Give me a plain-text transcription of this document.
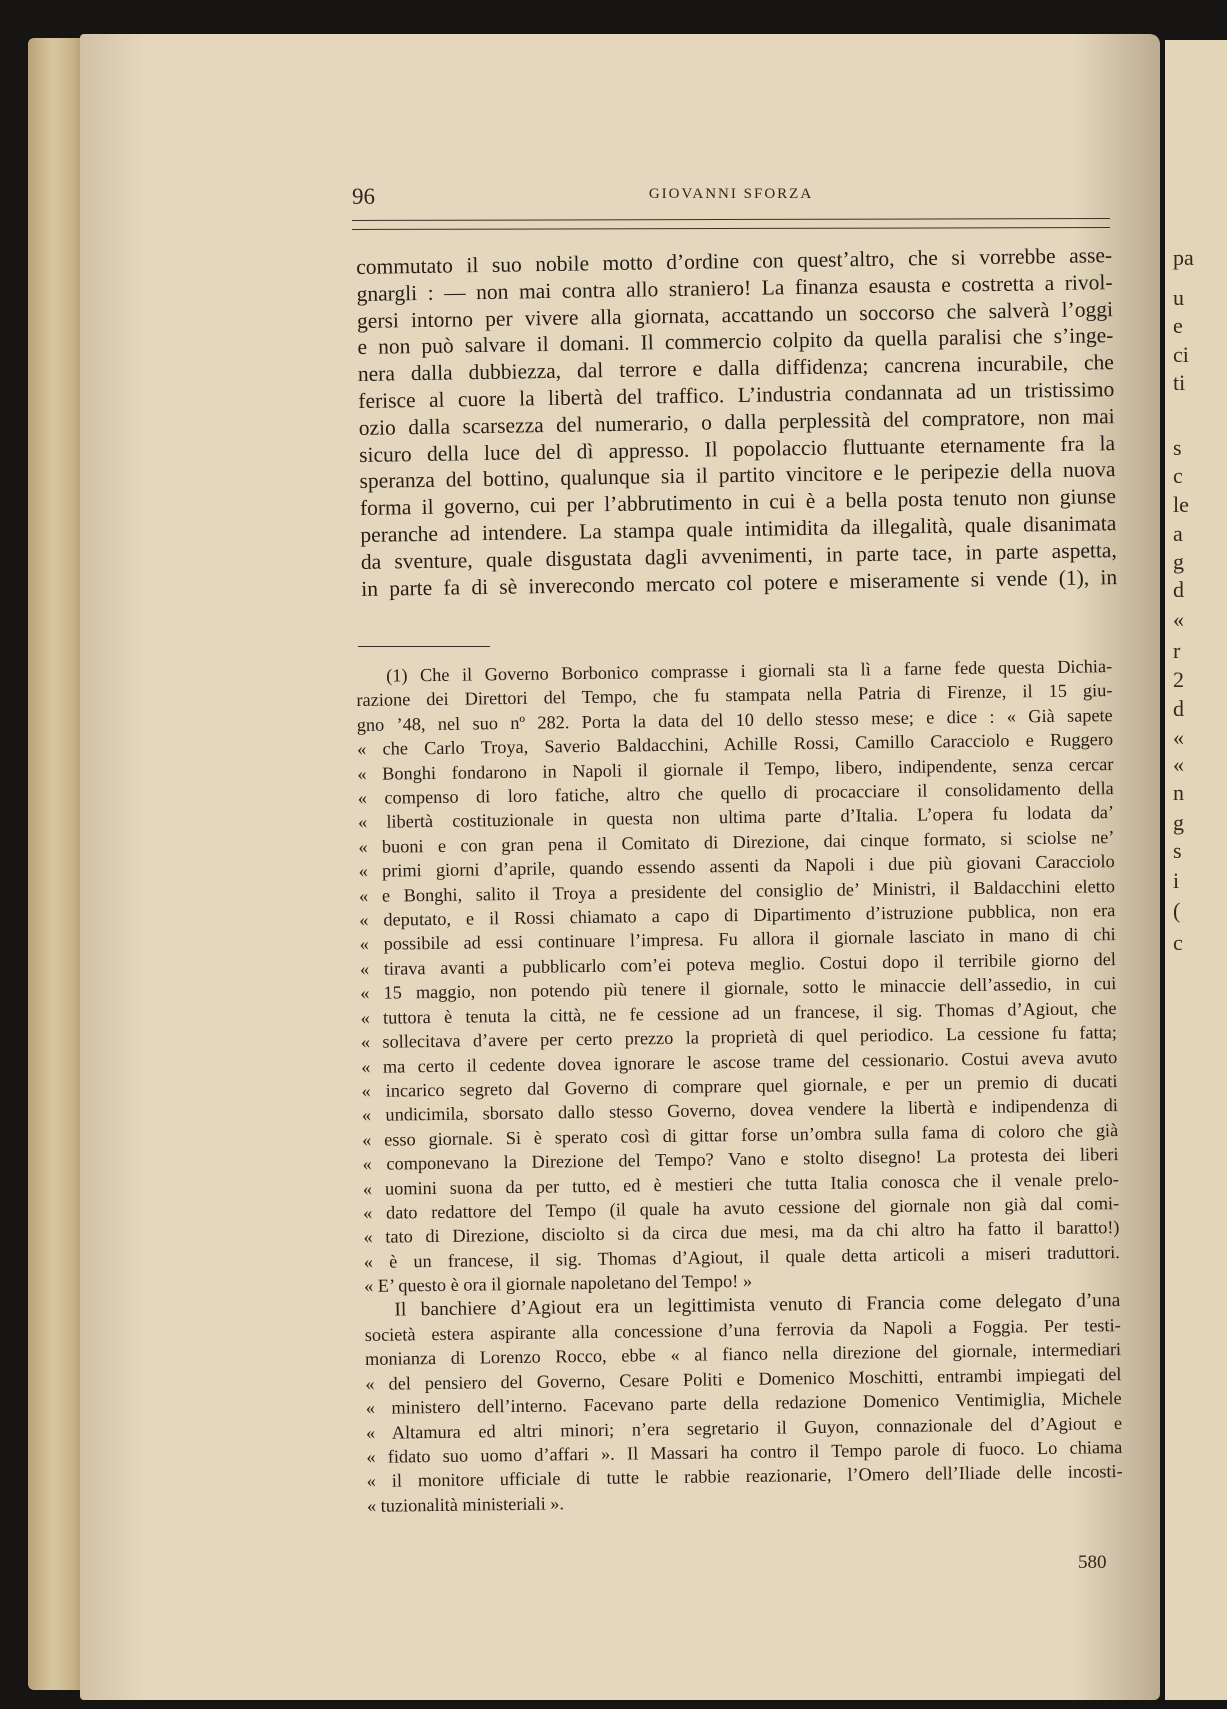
pa
u
e
ci
ti
s
c
le
a
g
d
«
r
2
d
«
«
n
g
s
i
(
c
96	GIOVANNI SFORZA
commutato il suo nobile motto d’ordine con quest’altro, che si vorrebbe asse-
gnargli : — non mai contra allo straniero! La finanza esausta e costretta a rivol-
gersi intorno per vivere alla giornata, accattando un soccorso che salverà l’oggi
e non può salvare il domani. Il commercio colpito da quella paralisi che s’inge-
nera dalla dubbiezza, dal terrore e dalla diffidenza; cancrena incurabile, che
ferisce al cuore la libertà del traffico. L’industria condannata ad un tristissimo
ozio dalla scarsezza del numerario, o dalla perplessità del compratore, non mai
sicuro della luce del dì appresso. Il popolaccio fluttuante eternamente fra la
speranza del bottino, qualunque sia il partito vincitore e le peripezie della nuova
forma il governo, cui per l’abbrutimento in cui è a bella posta tenuto non giunse
peranche ad intendere. La stampa quale intimidita da illegalità, quale disanimata
da sventure, quale disgustata dagli avvenimenti, in parte tace, in parte aspetta,
in parte fa di sè inverecondo mercato col potere e miseramente si vende (1), in
(1) Che il Governo Borbonico comprasse i giornali sta lì a farne fede questa Dichia-
razione dei Direttori del Tempo, che fu stampata nella Patria di Firenze, il 15 giu-
gno ’48, nel suo nº 282. Porta la data del 10 dello stesso mese; e dice : « Già sapete
« che Carlo Troya, Saverio Baldacchini, Achille Rossi, Camillo Caracciolo e Ruggero
« Bonghi fondarono in Napoli il giornale il Tempo, libero, indipendente, senza cercar
« compenso di loro fatiche, altro che quello di procacciare il consolidamento della
« libertà costituzionale in questa non ultima parte d’Italia. L’opera fu lodata da’
« buoni e con gran pena il Comitato di Direzione, dai cinque formato, si sciolse ne’
« primi giorni d’aprile, quando essendo assenti da Napoli i due più giovani Caracciolo
« e Bonghi, salito il Troya a presidente del consiglio de’ Ministri, il Baldacchini eletto
« deputato, e il Rossi chiamato a capo di Dipartimento d’istruzione pubblica, non era
« possibile ad essi continuare l’impresa. Fu allora il giornale lasciato in mano di chi
« tirava avanti a pubblicarlo com’ei poteva meglio. Costui dopo il terribile giorno del
« 15 maggio, non potendo più tenere il giornale, sotto le minaccie dell’assedio, in cui
« tuttora è tenuta la città, ne fe cessione ad un francese, il sig. Thomas d’Agiout, che
« sollecitava d’avere per certo prezzo la proprietà di quel periodico. La cessione fu fatta;
« ma certo il cedente dovea ignorare le ascose trame del cessionario. Costui aveva avuto
« incarico segreto dal Governo di comprare quel giornale, e per un premio di ducati
« undicimila, sborsato dallo stesso Governo, dovea vendere la libertà e indipendenza di
« esso giornale. Si è sperato così di gittar forse un’ombra sulla fama di coloro che già
« componevano la Direzione del Tempo? Vano e stolto disegno! La protesta dei liberi
« uomini suona da per tutto, ed è mestieri che tutta Italia conosca che il venale prelo-
« dato redattore del Tempo (il quale ha avuto cessione del giornale non già dal comi-
« tato di Direzione, disciolto si da circa due mesi, ma da chi altro ha fatto il baratto!)
« è un francese, il sig. Thomas d’Agiout, il quale detta articoli a miseri traduttori.
« E’ questo è ora il giornale napoletano del Tempo! »
Il banchiere d’Agiout era un legittimista venuto di Francia come delegato d’una
società estera aspirante alla concessione d’una ferrovia da Napoli a Foggia. Per testi-
monianza di Lorenzo Rocco, ebbe « al fianco nella direzione del giornale, intermediari
« del pensiero del Governo, Cesare Politi e Domenico Moschitti, entrambi impiegati del
« ministero dell’interno. Facevano parte della redazione Domenico Ventimiglia, Michele
« Altamura ed altri minori; n’era segretario il Guyon, connazionale del d’Agiout e
« fidato suo uomo d’affari ». Il Massari ha contro il Tempo parole di fuoco. Lo chiama
« il monitore ufficiale di tutte le rabbie reazionarie, l’Omero dell’Iliade delle incosti-
« tuzionalità ministeriali ».
580
